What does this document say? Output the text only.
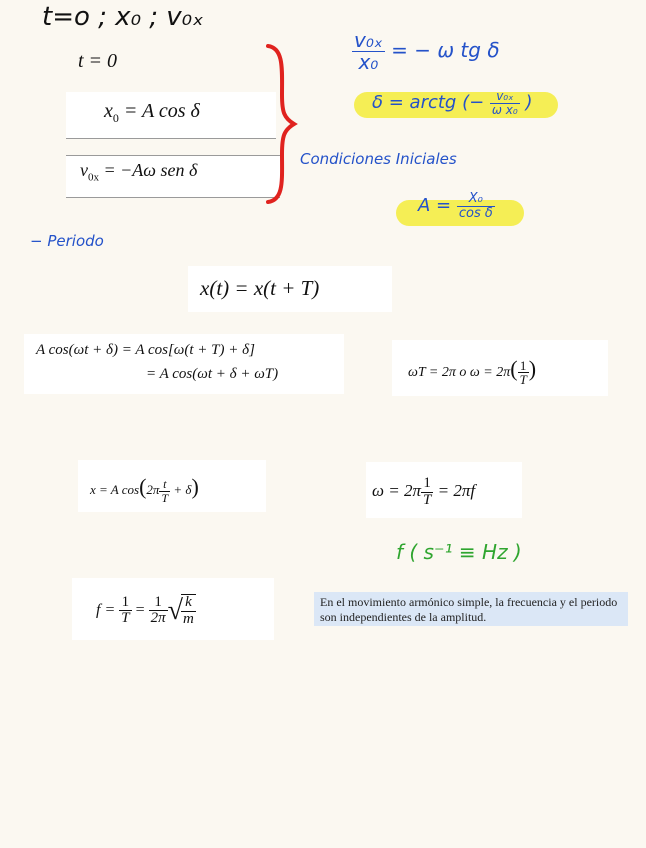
t=o ; x₀ ; v₀ₓ
t = 0
$x_0 = A$ cos δ
$v_{0x} = -A\omega$ sen δ
$\frac{\text{v₀ₓ}}{\text{x₀}}$ = − ω tg δ
δ = arctg (− $\frac{\text{v₀ₓ}}{\text{ω x₀}}$ )
Condiciones Iniciales
$A = \frac{\text{X₀}}{\text{cos δ}}$
− Periodo
x(t) = x(t + T)
A cos(ωt + δ) = A cos[ω(t + T) + δ]
= A cos(ωt + δ + ωT)	ωT = 2π o $\omega = 2\pi( \frac{1}{T}$ )
x = A $\cos(2\pi \frac{t}{T} + \delta)$	$\omega = 2\pi \frac{1}{T} = 2\pi f$
f ( s⁻¹ ≡ Hz )
$f = \frac{1}{T} = \frac{1}{2\pi}$ √
$\frac{k}{m}$	En el movimiento armónico simple, la frecuencia y el periodo son independientes de la amplitud.
